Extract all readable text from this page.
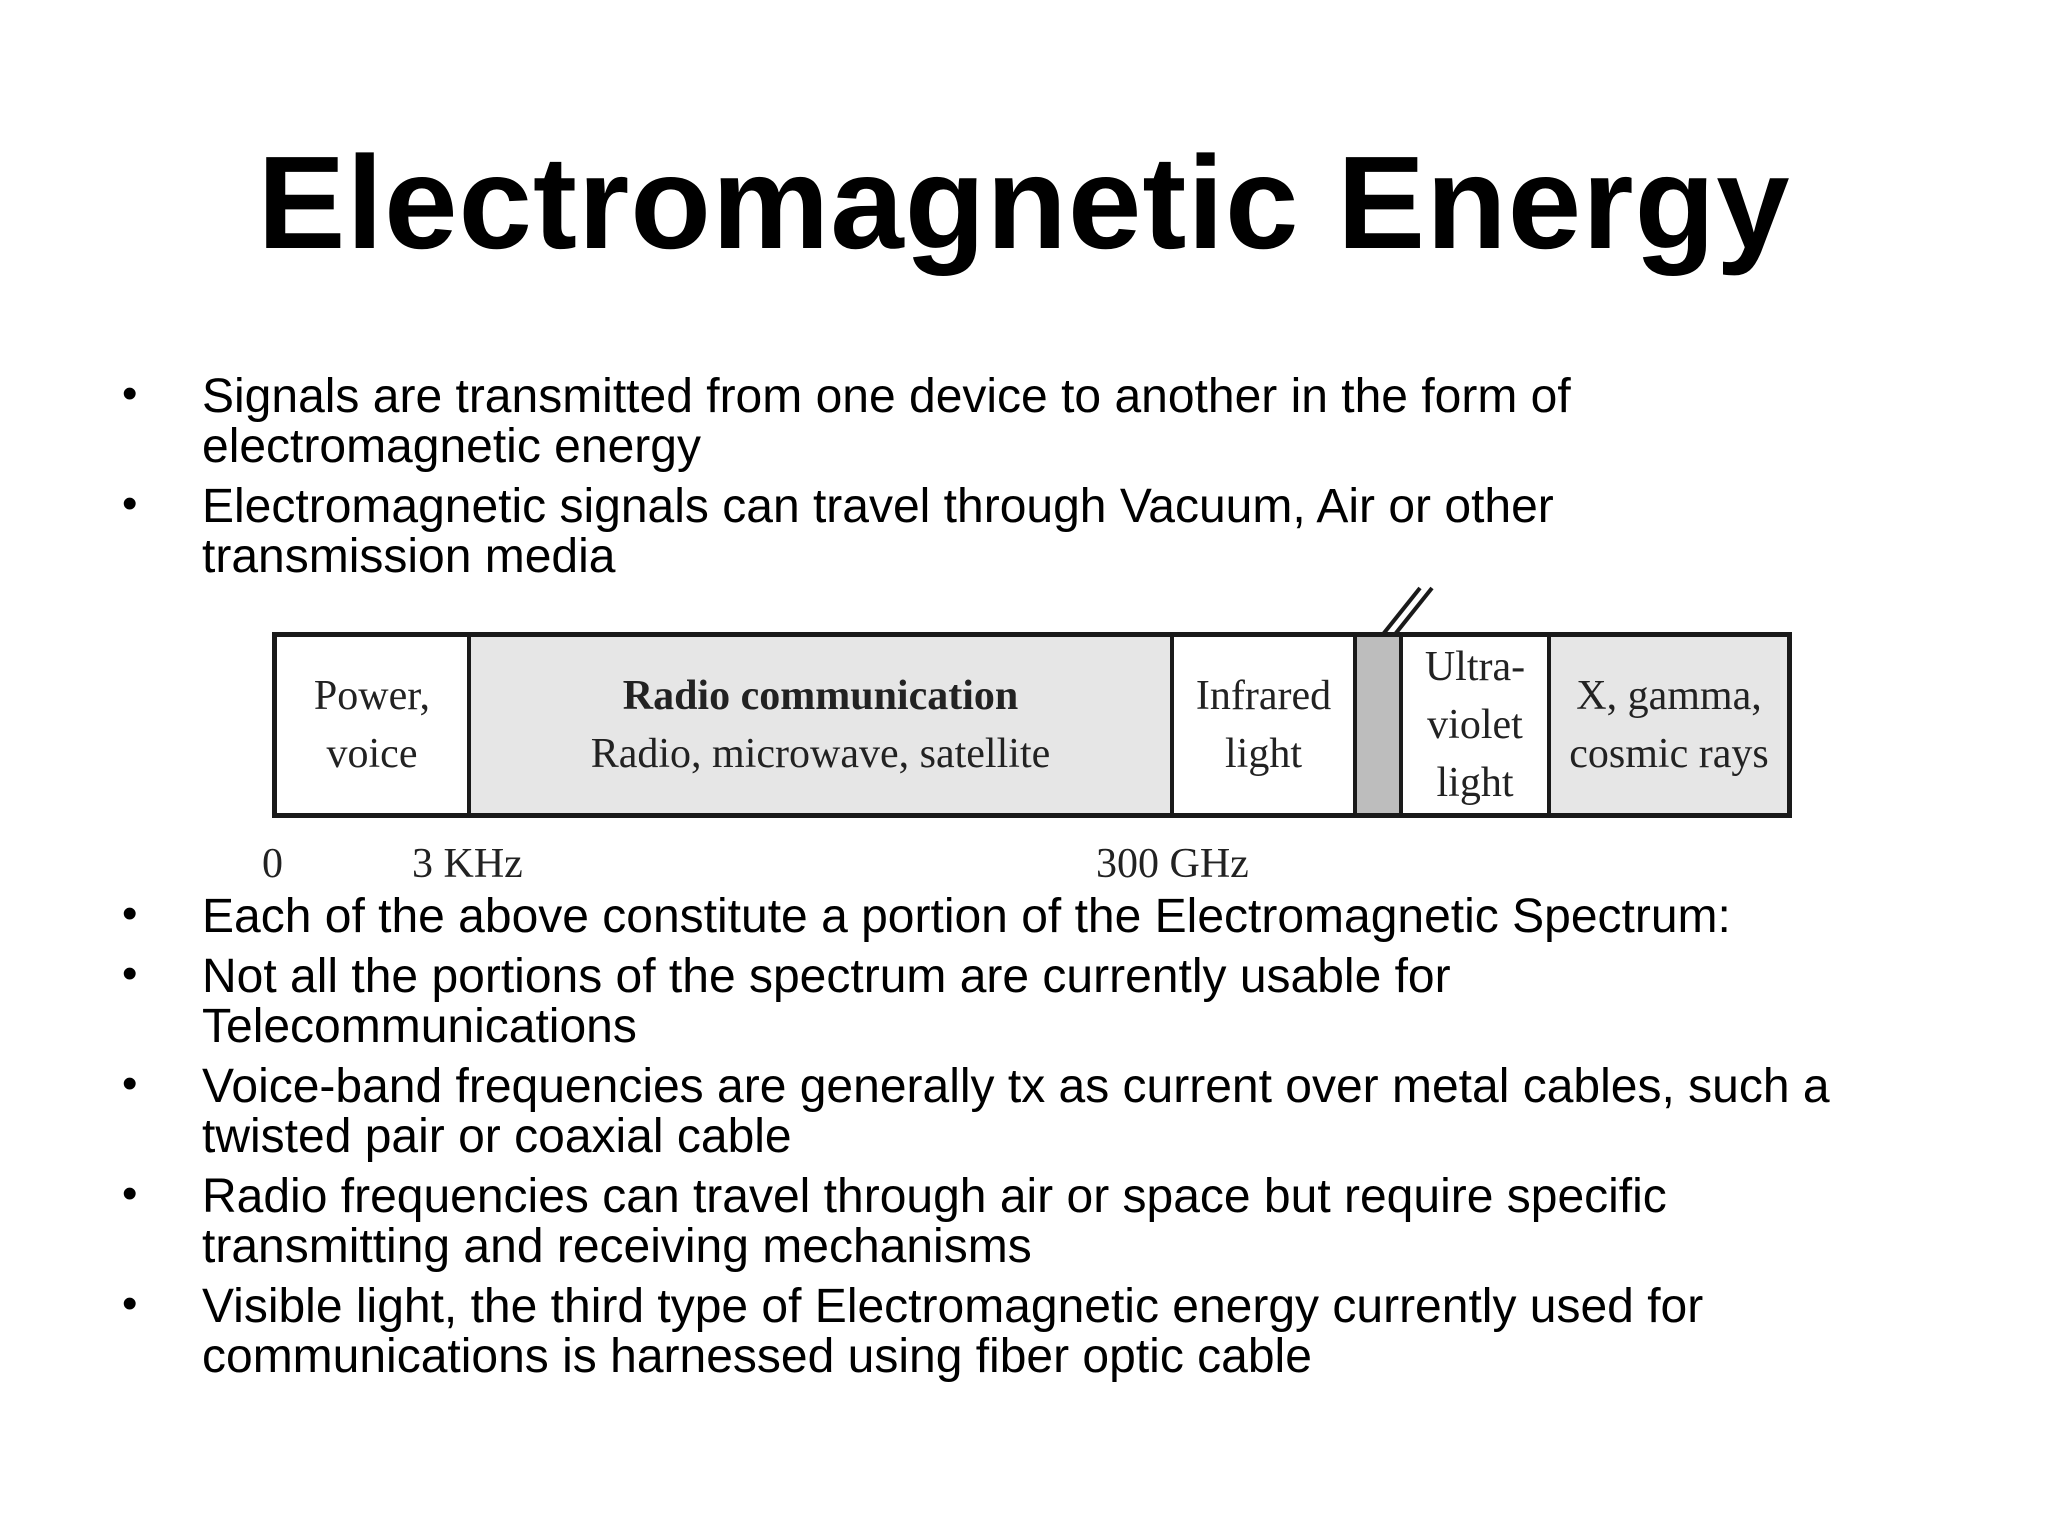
Electromagnetic Energy
• Signals are transmitted from one device to another in the form of electromagnetic energy
• Electromagnetic signals can travel through Vacuum, Air or other transmission media
Power,
voice
Radio communication
Radio, microwave, satellite
Infrared
light
Ultra-
violet
light
X, gamma,
cosmic rays
0	3 KHz	300 GHz
• Each of the above constitute a portion of the Electromagnetic Spectrum:
• Not all the portions of the spectrum are currently usable for Telecommunications
• Voice-band frequencies are generally tx as current over metal cables, such a twisted pair or coaxial cable
• Radio frequencies can travel through air or space but require specific transmitting and receiving mechanisms
• Visible light, the third type of Electromagnetic energy currently used for communications is harnessed using fiber optic cable
